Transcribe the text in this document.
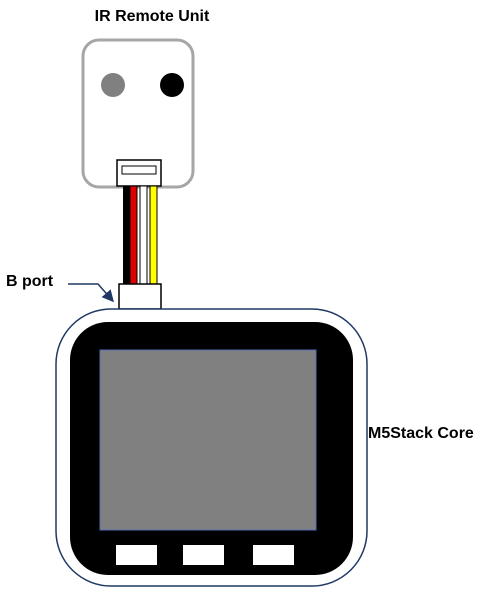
IR Remote Unit
B port
M5Stack Core
